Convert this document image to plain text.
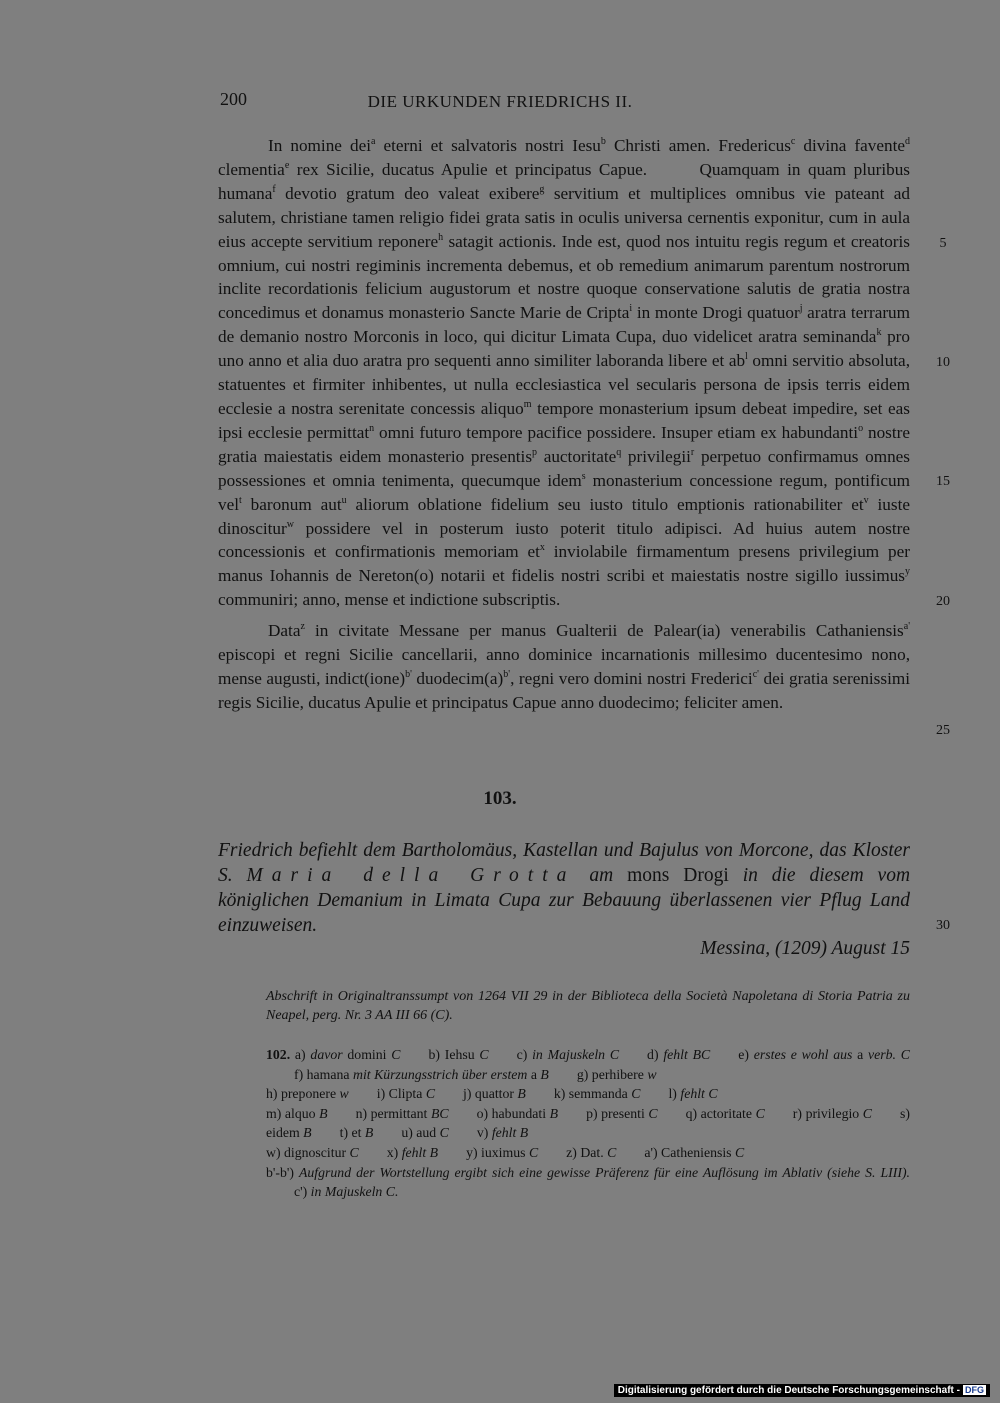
200	DIE URKUNDEN FRIEDRICHS II.

In nomine dei$^a$ eterni et salvatoris nostri Iesu$^b$ Christi amen. Fredericus$^c$ divina favente$^d$ clementia$^e$ rex Sicilie, ducatus Apulie et principatus Capue.       Quamquam in quam pluribus humana$^f$ devotio gratum deo valeat exibere$^g$ servitium et multiplices omnibus vie pateant ad salutem, christiane tamen religio fidei grata satis in oculis universa cernentis exponitur, cum in aula eius accepte servitium reponere$^h$ satagit actionis. Inde est, quod nos intuitu regis regum et creatoris omnium, cui nostri regiminis incrementa debemus, et ob remedium animarum parentum nostrorum inclite recordationis felicium augustorum et nostre quoque conservatione salutis de gratia nostra concedimus et donamus monasterio Sancte Marie de Cripta$^i$ in monte Drogi quatuor$^j$ aratra terrarum de demanio nostro Morconis in loco, qui dicitur Limata Cupa, duo videlicet aratra seminanda$^k$ pro uno anno et alia duo aratra pro sequenti anno similiter laboranda libere et $ab^l$ omni servitio absoluta, statuentes et firmiter inhibentes, ut nulla ecclesiastica vel secularis persona de ipsis terris eidem ecclesie a nostra serenitate concessis aliquo$^m$ tempore monasterium ipsum debeat impedire, set eas ipsi ecclesie permittat$^n$ omni futuro tempore pacifice possidere. Insuper etiam ex habundanti$^o$ nostre gratia maiestatis eidem monasterio presentis$^p$ auctoritate$^q$ privilegii$^r$ perpetuo confirmamus omnes possessiones et omnia tenimenta, quecumque idem$^s$ monasterium concessione regum, pontificum vel$^t$ baronum aut$^u$ aliorum oblatione fidelium seu iusto titulo emptionis rationabiliter $et^v$ iuste dinoscitur$^w$ possidere vel in posterum iusto poterit titulo adipisci. Ad huius autem nostre concessionis et confirmationis memoriam $et^x$ inviolabile firmamentum presens privilegium per manus Iohannis de Nereton(o) notarii et fidelis nostri scribi et maiestatis nostre sigillo iussimus$^y$ communiri; anno, mense et indictione subscriptis.

Data$^z$ in civitate Messane per manus Gualterii de Palear(ia) venerabilis Cathaniensis$^{a'}$ episcopi et regni Sicilie cancellarii, anno dominice incarnationis millesimo ducentesimo nono, mense augusti, indict(ione)$^{b'}$ $duodecim(a)^{b'}$, regni vero domini nostri Frederici$^{c'}$ dei gratia serenissimi regis Sicilie, ducatus Apulie et principatus Capue anno duodecimo; feliciter amen.

5
10
15
20
25
30
103.
Friedrich befiehlt dem Bartholomäus, Kastellan und Bajulus von Morcone, das Kloster S. Maria della Grotta am mons Drogi in die diesem vom königlichen Demanium in Limata Cupa zur Bebauung überlassenen vier Pflug Land einzuweisen.
Messina, (1209) August 15
Abschrift in Originaltranssumpt von 1264 VII 29 in der Biblioteca della Società Napoletana di Storia Patria zu Neapel, perg. Nr. 3 AA III 66 (C).
102. a) davor domini C b) Iehsu C c) in Majuskeln C d) fehlt BC e) erstes e wohl aus a verb. Cf) hamana mit Kürzungsstrich über erstem a B g) perhibere w
h) preponere w i) Clipta C j) quattor B k) semmanda C l) fehlt C
m) alquo B n) permittant BC o) habundati B p) presenti C q) actoritate C r) privilegio C s) eidem B t) et B u) aud C v) fehlt B
w) dignoscitur C x) fehlt B y) iuximus C z) Dat. C a') Catheniensis C
b'-b') Aufgrund der Wortstellung ergibt sich eine gewisse Präferenz für eine Auflösung im Ablativ (siehe S. LIII).c') in Majuskeln C.
Digitalisierung gefördert durch die Deutsche Forschungsgemeinschaft - DFG
